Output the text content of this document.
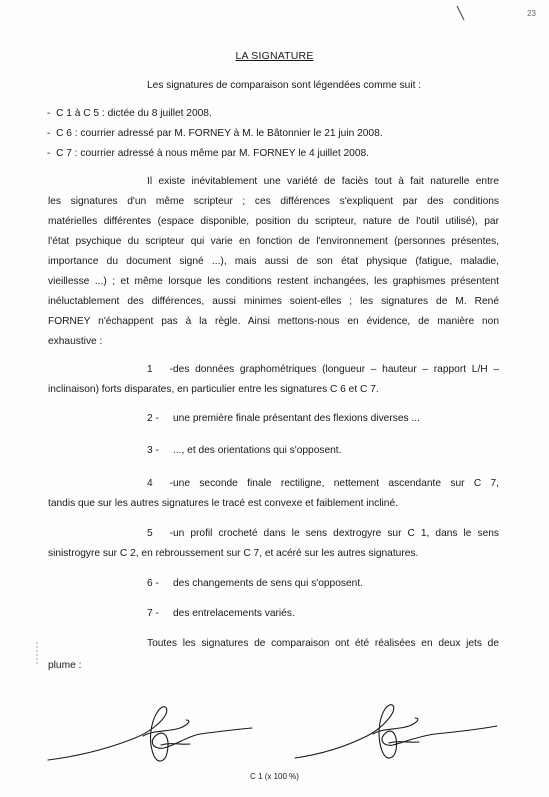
23
LA SIGNATURE
Les signatures de comparaison sont légendées comme suit :
-  C 1 à C 5 : dictée du 8 juillet 2008.
-  C 6 : courrier adressé par M. FORNEY à M. le Bâtonnier le 21 juin 2008.
-  C 7 : courrier adressé à nous même par M. FORNEY le 4 juillet 2008.
Il existe inévitablement une variété de faciès tout à fait naturelle entre
les signatures d'un même scripteur ; ces différences s'expliquent par des conditions
matérielles différentes (espace disponible, position du scripteur, nature de l'outil utilisé), par
l'état psychique du scripteur qui varie en fonction de l'environnement (personnes présentes,
importance du document signé ...), mais aussi de son état physique (fatigue, maladie,
vieillesse ...) ; et même lorsque les conditions restent inchangées, les graphismes présentent
inéluctablement des différences, aussi minimes soient-elles ; les signatures de M. René
FORNEY n'échappent pas à la règle. Ainsi mettons-nous en évidence, de manière non
exhaustive :
1 -des données graphométriques (longueur – hauteur – rapport L/H –
inclinaison) forts disparates, en particulier entre les signatures C 6 et C 7.
2 - une première finale présentant des flexions diverses ...
3 - ..., et des orientations qui s'opposent.
4 -une seconde finale rectiligne, nettement ascendante sur C 7,
tandis que sur les autres signatures le tracé est convexe et faiblement incliné.
5 -un profil crocheté dans le sens dextrogyre sur C 1, dans le sens
sinistrogyre sur C 2, en rebroussement sur C 7, et acéré sur les autres signatures.
6 - des changements de sens qui s'opposent.
7 - des entrelacements variés.
Toutes les signatures de comparaison ont été réalisées en deux jets de
plume :
C 1 (x 100 %)
